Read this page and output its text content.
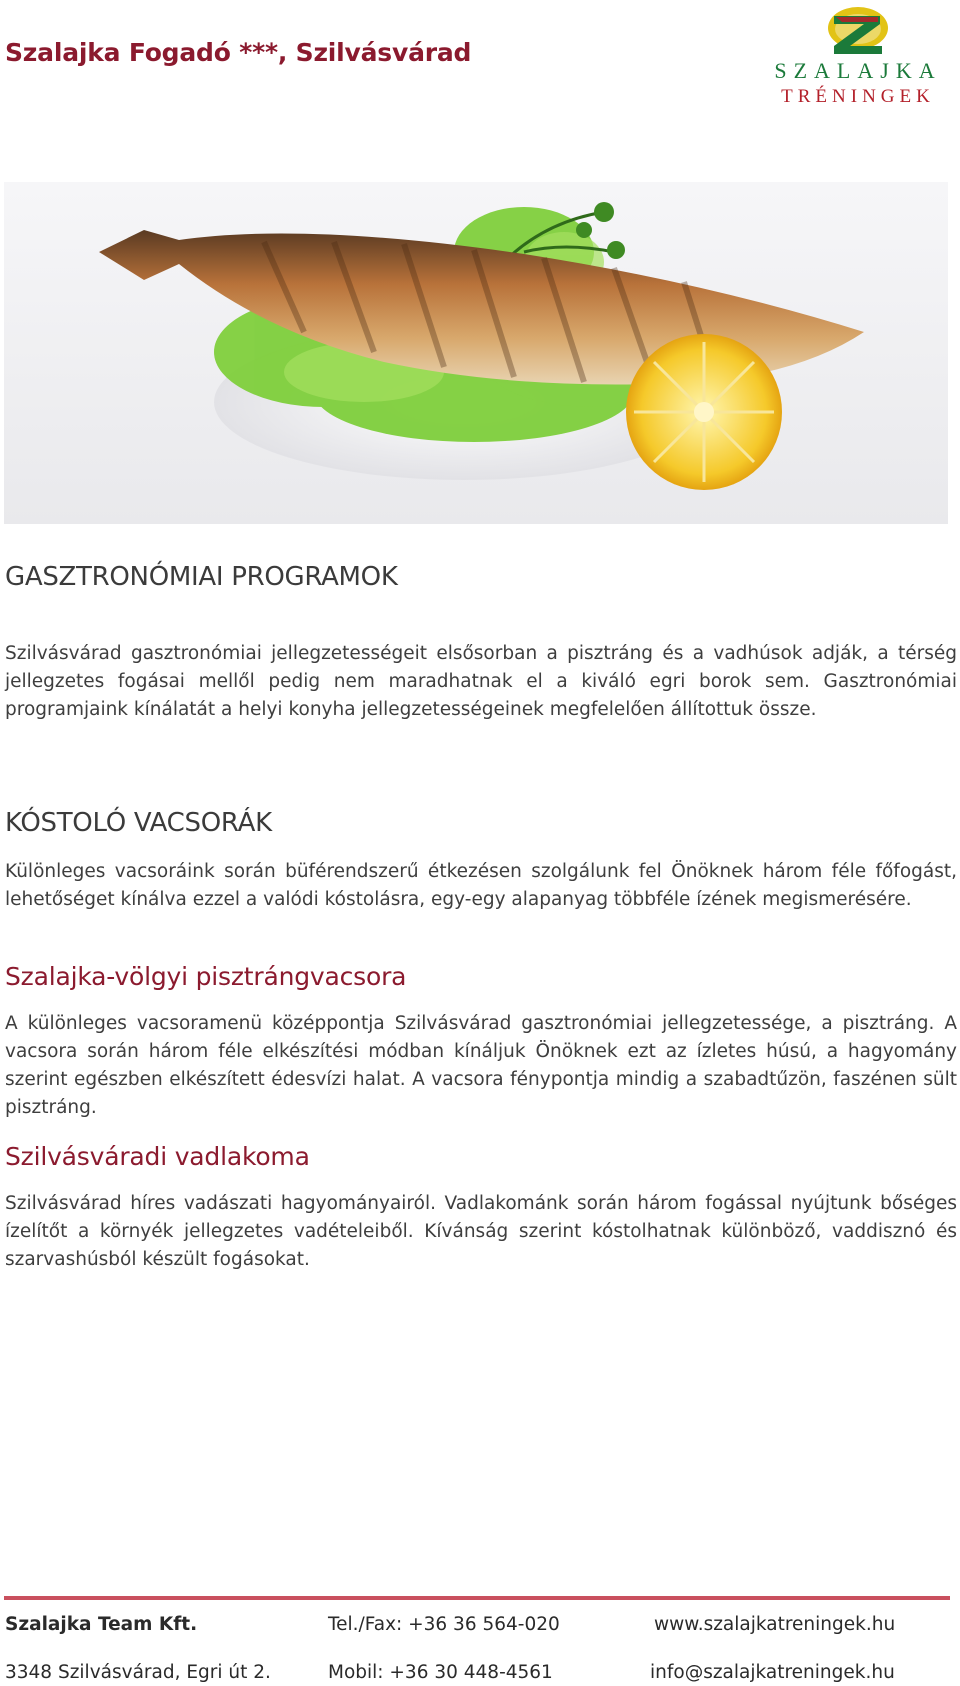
Szalajka Fogadó ***, Szilvásvárad
SZALAJKA
TRÉNINGEK
GASZTRONÓMIAI PROGRAMOK

Szilvásvárad gasztronómiai jellegzetességeit elsősorban a pisztráng és a vadhúsok adják, a térség jellegzetes fogásai mellől pedig nem maradhatnak el a kiváló egri borok sem. Gasztronómiai programjaink kínálatát a helyi konyha jellegzetességeinek megfelelően állítottuk össze.

KÓSTOLÓ VACSORÁK

Különleges vacsoráink során büférendszerű étkezésen szolgálunk fel Önöknek három féle főfogást, lehetőséget kínálva ezzel a valódi kóstolásra, egy-egy alapanyag többféle ízének megismerésére.

Szalajka-völgyi pisztrángvacsora

A különleges vacsoramenü középpontja Szilvásvárad gasztronómiai jellegzetessége, a pisztráng. A vacsora során három féle elkészítési módban kínáljuk Önöknek ezt az ízletes húsú, a hagyomány szerint egészben elkészített édesvízi halat. A vacsora fénypontja mindig a szabadtűzön, faszénen sült pisztráng.

Szilvásváradi vadlakoma

Szilvásvárad híres vadászati hagyományairól. Vadlakománk során három fogással nyújtunk bőséges ízelítőt a környék jellegzetes vadételeiből. Kívánság szerint kóstolhatnak különböző, vaddisznó és szarvashúsból készült fogásokat.

Szalajka Team Kft.	Tel./Fax: +36 36 564-020	www.szalajkatreningek.hu
3348 Szilvásvárad, Egri út 2.	Mobil: +36 30 448-4561	info@szalajkatreningek.hu
